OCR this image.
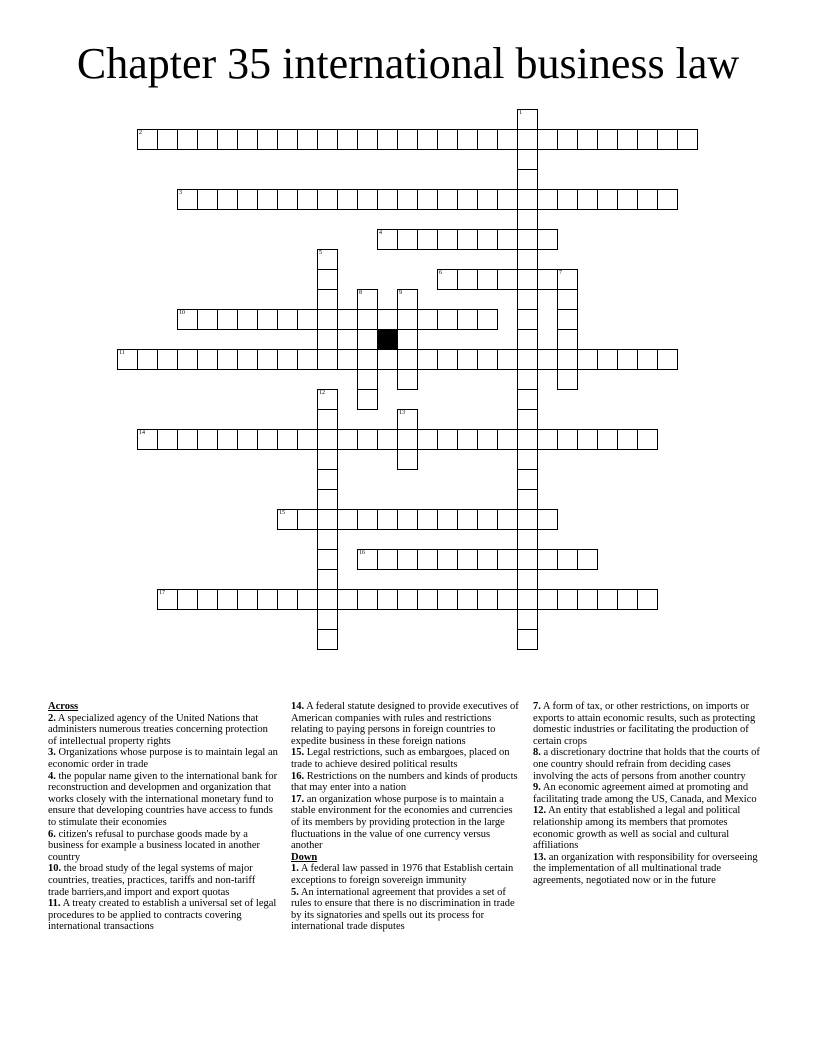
Chapter 35 international business law
2
3
4
6	7
10
11
14
15
16
17
1
5
8	9
12
13

Across

2. A specialized agency of the United Nations that administers numerous treaties concerning protection of intellectual property rights

3. Organizations whose purpose is to maintain legal an economic order in trade

4. the popular name given to the international bank for reconstruction and developmen and organization that works closely with the international monetary fund to ensure that developing countries have access to funds to stimulate their economies

6. citizen's refusal to purchase goods made by a business for example a business located in another country

10. the broad study of the legal systems of major countries, treaties, practices, tariffs and non-tariff trade barriers,and import and export quotas

11. A treaty created to establish a universal set of legal procedures to be applied to contracts covering international transactions

14. A federal statute designed to provide executives of American companies with rules and restrictions relating to paying persons in foreign countries to expedite business in these foreign nations

15. Legal restrictions, such as embargoes, placed on trade to achieve desired political results

16. Restrictions on the numbers and kinds of products that may enter into a nation

17. an organization whose purpose is to maintain a stable environment for the economies and currencies of its members by providing protection in the large fluctuations in the value of one currency versus another

Down

1. A federal law passed in 1976 that Establish certain exceptions to foreign sovereign immunity

5. An international agreement that provides a set of rules to ensure that there is no discrimination in trade by its signatories and spells out its process for international trade disputes

7. A form of tax, or other restrictions, on imports or exports to attain economic results, such as protecting domestic industries or facilitating the production of certain crops

8. a discretionary doctrine that holds that the courts of one country should refrain from deciding cases involving the acts of persons from another country

9. An economic agreement aimed at promoting and facilitating trade among the US, Canada, and Mexico

12. An entity that established a legal and political relationship among its members that promotes economic growth as well as social and cultural affiliations

13. an organization with responsibility for overseeing the implementation of all multinational trade agreements, negotiated now or in the future
